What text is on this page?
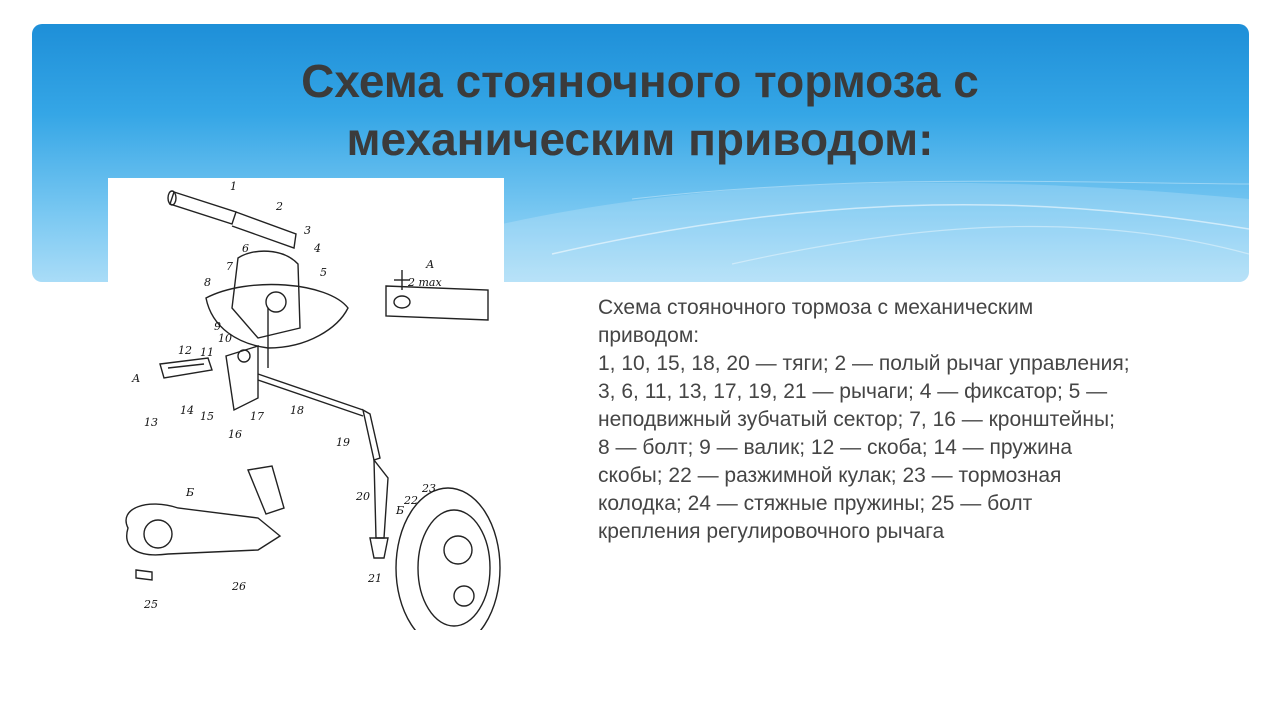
Схема стояночного тормоза с механическим приводом:
1
2
3
4
5
6
7
8
9
10
11
12
13
14 15
16
17 18
19
20
21
22
23
25
26
А
Б
А
Б
2 max

Схема стояночного тормоза с механическим

приводом:

1, 10, 15, 18, 20 — тяги; 2 — полый рычаг управления;

3, 6, 11, 13, 17, 19, 21 — рычаги; 4 — фиксатор; 5 —

неподвижный зубчатый сектор; 7, 16 — кронштейны;

8 — болт; 9 — валик; 12 — скоба; 14 — пружина

скобы; 22 — разжимной кулак; 23 — тормозная

колодка; 24 — стяжные пружины; 25 — болт

крепления регулировочного рычага
